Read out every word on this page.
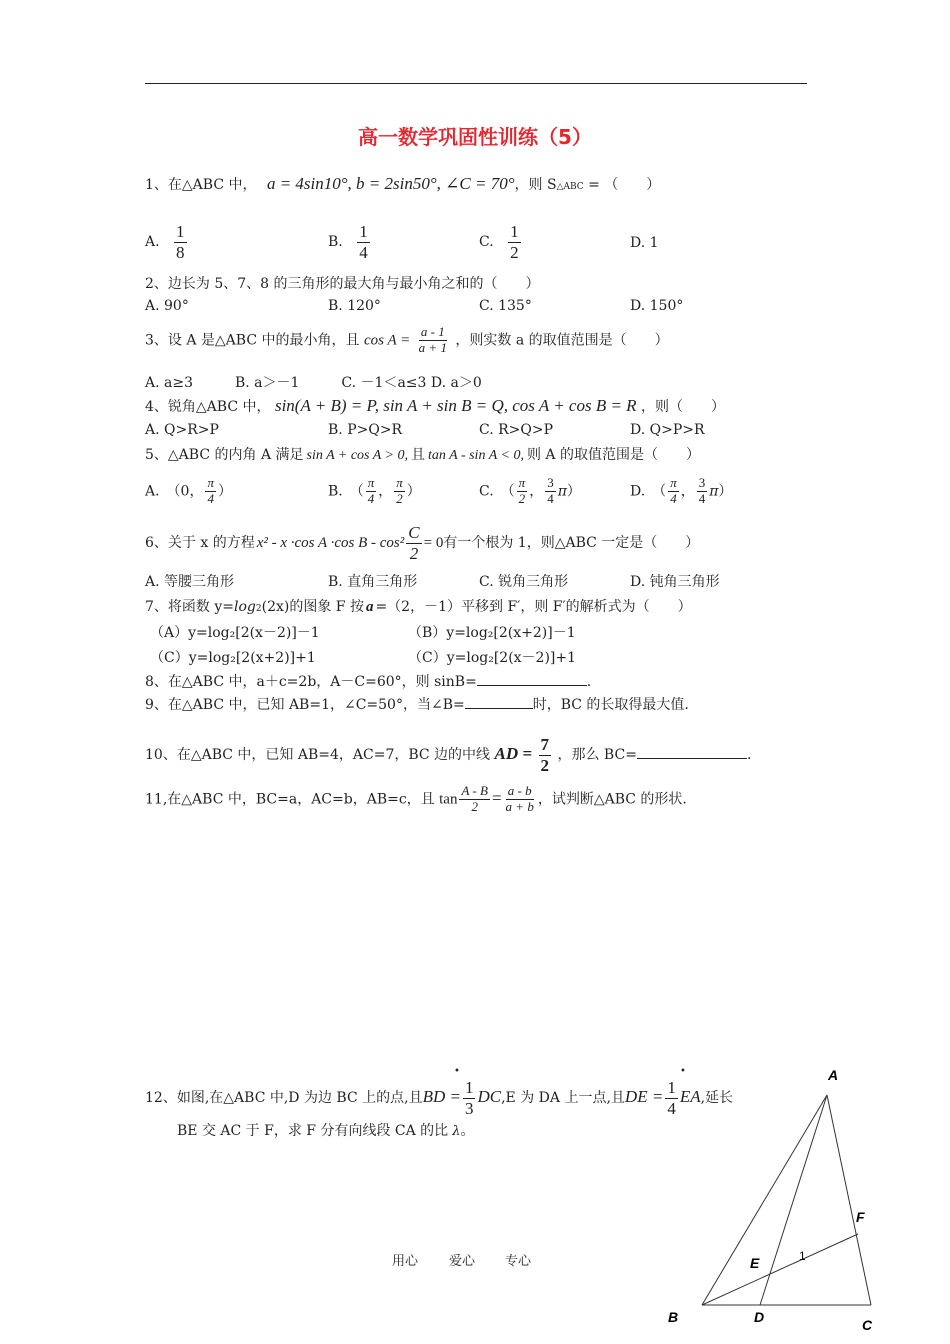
高一数学巩固性训练（5）
1、在△ABC 中， a = 4sin10°, b = 2sin50°, ∠C = 70°，则 S△ABC = （　　）
A. $\frac{1}{8}$	B. $\frac{1}{4}$	C. $\frac{1}{2}$	D. 1
2、边长为 5、7、8 的三角形的最大角与最小角之和的（　　）
A. 90°	B. 120°	C. 135°	D. 150°
3、设 A 是△ABC 中的最小角，且 $\cos A = \frac{a - 1}{a + 1}$ ，则实数 a 的取值范围是（　　）
A. a≥3　　　B. a＞－1　　　C. －1＜a≤3 D. a＞0
4、锐角△ABC 中， sin(A + B) = P, sin A + sin B = Q, cos A + cos B = R ，则（　　）
A. Q>R>P	B. P>Q>R	C. R>Q>P	D. Q>P>R
5、△ABC 的内角 A 满足 sin A + cos A > 0, 且 tan A - sin A < 0, 则 A 的取值范围是（　　）
A.　（0， $\frac{\pi}{4}$ ）	B.　（ $\frac{\pi}{4}$ ， $\frac{\pi}{2}$ ）	C.　（ $\frac{\pi}{2}$ ， $\frac{3}{4} \pi$）	D.　（ $\frac{\pi}{4}$ ， $\frac{3}{4} \pi$）
6、关于 x 的方程 x² - x ·cos A ·cos $B - \cos^2 \frac{C}{2} = 0$有一个根为 1，则△ABC 一定是（　　）
A. 等腰三角形	B. 直角三角形	C. 锐角三角形	D. 钝角三角形
7、将函数 y=log2(2x)的图象 F 按 a =（2，－1）平移到 F′，则 F′的解析式为（　　）
（A）y=log₂[2(x－2)]－1	（B）y=log₂[2(x+2)]－1
（C）y=log₂[2(x+2)]+1	（C）y=log₂[2(x－2)]+1
8、在△ABC 中，a＋c=2b，A－C=60°，则 sinB=	.
9、在△ABC 中，已知 AB=1，∠C=50°，当∠B=	时，BC 的长取得最大值.
10、在△ABC 中，已知 AB=4，AC=7，BC 边的中线 AD = $\frac{7}{2}$ ，那么 BC=	.
11,在△ABC 中，BC=a，AC=b，AB=c，且 $\tan \frac{A - B}{2} = \frac{a - b}{a + b}$ ，试判断△ABC 的形状.
12、如图,在△ABC 中,D 为边 BC 上的点,且BD = $\frac{1}{3} DC,E$ 为 DA 上一点,且DE = $\frac{1}{4}$ EA,延长
•	•
BE 交 AC 于 F，求 F 分有向线段 CA 的比 λ。
A
B	C
D
E
F
1
用心 爱心 专心
